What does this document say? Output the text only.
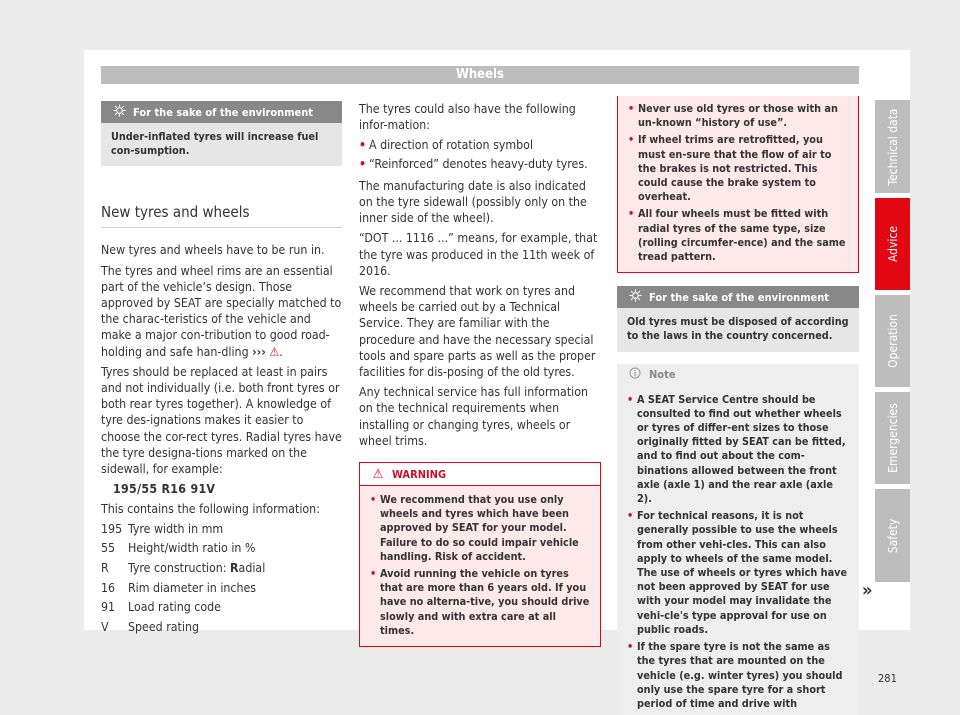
Wheels
For the sake of the environment
Under-inflated tyres will increase fuel con-sumption.
New tyres and wheels

New tyres and wheels have to be run in.

The tyres and wheel rims are an essential part of the vehicle’s design. Those approved by SEAT are specially matched to the charac-teristics of the vehicle and make a major con-tribution to good road-holding and safe han-dling ››› ⚠.

Tyres should be replaced at least in pairs and not individually (i.e. both front tyres or both rear tyres together). A knowledge of tyre des-ignations makes it easier to choose the cor-rect tyres. Radial tyres have the tyre designa-tions marked on the sidewall, for example:

195/55 R16 91V

This contains the following information:

195 Tyre width in mm
55	Height/width ratio in %
R	Tyre construction: Radial
16	Rim diameter in inches
91	Load rating code
V	Speed rating

The tyres could also have the following infor-mation:

• A direction of rotation symbol

• “Reinforced” denotes heavy-duty tyres.

The manufacturing date is also indicated on the tyre sidewall (possibly only on the inner side of the wheel).

“DOT ... 1116 ...” means, for example, that the tyre was produced in the 11th week of 2016.

We recommend that work on tyres and wheels be carried out by a Technical Service. They are familiar with the procedure and have the necessary special tools and spare parts as well as the proper facilities for dis-posing of the old tyres.

Any technical service has full information on the technical requirements when installing or changing tyres, wheels or wheel trims.

⚠ WARNING
• We recommend that you use only wheels and tyres which have been approved by SEAT for your model. Failure to do so could impair vehicle handling. Risk of accident.
• Avoid running the vehicle on tyres that are more than 6 years old. If you have no alterna-tive, you should drive slowly and with extra care at all times.
• Never use old tyres or those with an un-known “history of use”.
• If wheel trims are retrofitted, you must en-sure that the flow of air to the brakes is not restricted. This could cause the brake system to overheat.
• All four wheels must be fitted with radial tyres of the same type, size (rolling circumfer-ence) and the same tread pattern.
For the sake of the environment
Old tyres must be disposed of according to the laws in the country concerned.
Note
• A SEAT Service Centre should be consulted to find out whether wheels or tyres of differ-ent sizes to those originally fitted by SEAT can be fitted, and to find out about the com-binations allowed between the front axle (axle 1) and the rear axle (axle 2).
• For technical reasons, it is not generally possible to use the wheels from other vehi-cles. This can also apply to wheels of the same model. The use of wheels or tyres which have not been approved by SEAT for use with your model may invalidate the vehi-cle's type approval for use on public roads.
• If the spare tyre is not the same as the tyres that are mounted on the vehicle (e.g. winter tyres) you should only use the spare tyre for a short period of time and drive with
»
Technical data
Advice
Operation
Emergencies
Safety
281
